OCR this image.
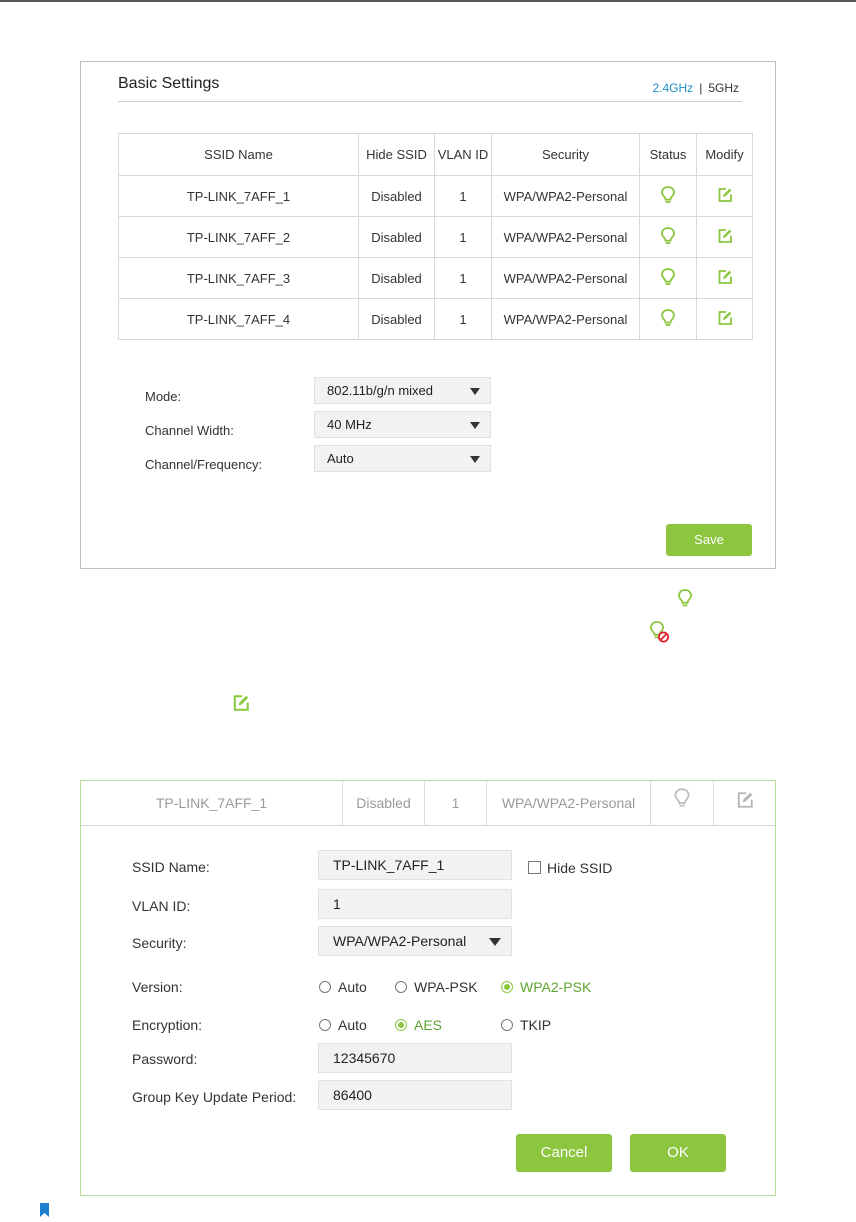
Basic Settings	2.4GHz | 5GHz
SSID Name	Hide SSID	VLAN ID	Security	Status	Modify
TP-LINK_7AFF_1	Disabled	1	WPA/WPA2-Personal		
TP-LINK_7AFF_2	Disabled	1	WPA/WPA2-Personal		
TP-LINK_7AFF_3	Disabled	1	WPA/WPA2-Personal		
TP-LINK_7AFF_4	Disabled	1	WPA/WPA2-Personal		
Mode:	802.11b/g/n mixed
Channel Width:	40 MHz
Channel/Frequency:	Auto
Save
TP-LINK_7AFF_1	Disabled	1	WPA/WPA2-Personal
SSID Name:	TP-LINK_7AFF_1	Hide SSID
VLAN ID:	1
Security:	WPA/WPA2-Personal
Version:	Auto	WPA-PSK	WPA2-PSK
Encryption:	Auto	AES	TKIP
Password:	12345670
Group Key Update Period:	86400
Cancel	OK
